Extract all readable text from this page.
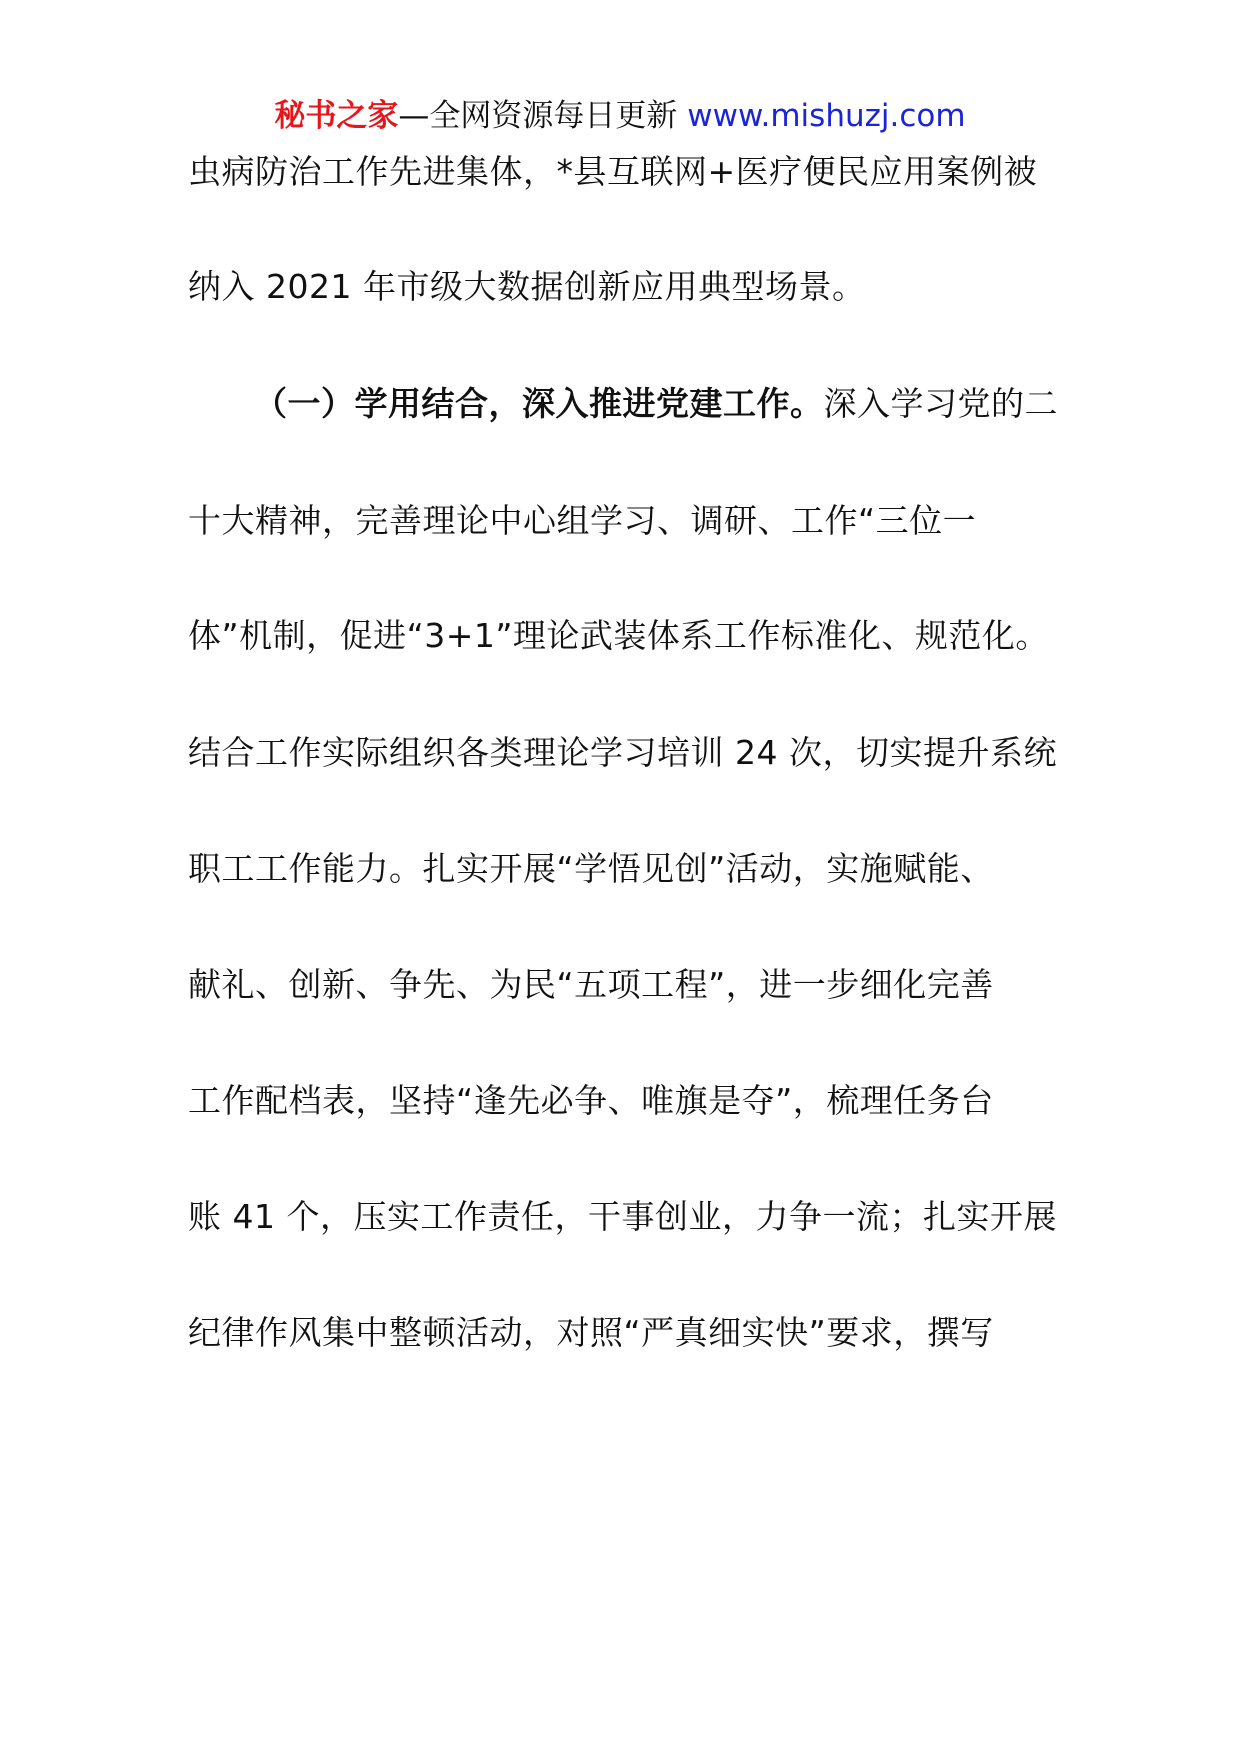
秘书之家—全网资源每日更新 www.mishuzj.com
虫病防治工作先进集体，*县互联网+医疗便民应用案例被
纳入 2021 年市级大数据创新应用典型场景。
（一）学用结合，深入推进党建工作。深入学习党的二
十大精神，完善理论中心组学习、调研、工作“三位一
体”机制，促进“3+1”理论武装体系工作标准化、规范化。
结合工作实际组织各类理论学习培训 24 次，切实提升系统
职工工作能力。扎实开展“学悟见创”活动，实施赋能、
献礼、创新、争先、为民“五项工程”，进一步细化完善
工作配档表，坚持“逢先必争、唯旗是夺”，梳理任务台
账 41 个，压实工作责任，干事创业，力争一流；扎实开展
纪律作风集中整顿活动，对照“严真细实快”要求，撰写
